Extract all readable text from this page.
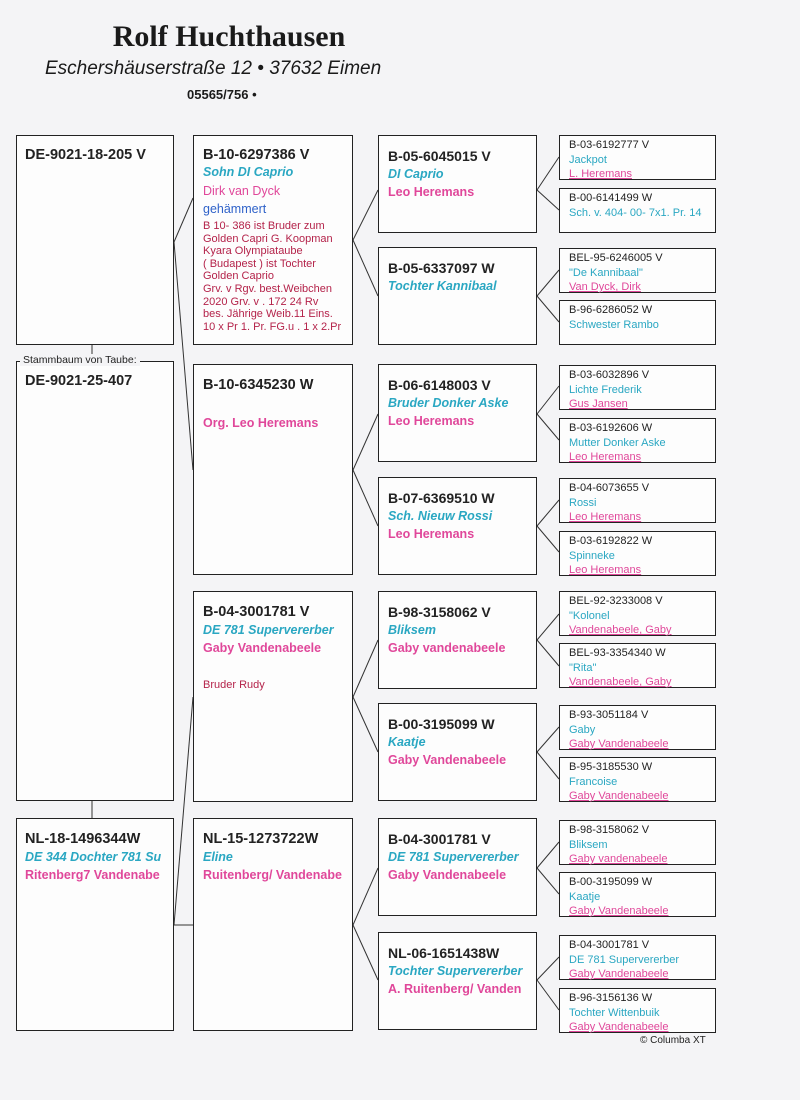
Rolf Huchthausen
Eschershäuserstraße 12 • 37632 Eimen
05565/756 •
DE-9021-18-205 V
DE-9021-25-407
Stammbaum von Taube:
NL-18-1496344W
DE 344 Dochter 781 Su
Ritenberg7 Vandenabe
B-10-6297386 V
Sohn DI Caprio
Dirk van Dyck
gehämmert
B 10- 386 ist Bruder zum
Golden Capri G. Koopman
Kyara Olympiataube
( Budapest ) ist Tochter
Golden Caprio
Grv. v Rgv. best.Weibchen
2020 Grv. v . 172 24 Rv
bes. Jährige Weib.11 Eins.
10 x Pr 1. Pr. FG.u . 1 x 2.Pr
B-10-6345230 W
Org. Leo Heremans
B-04-3001781 V
DE 781 Supervererber
Gaby Vandenabeele
Bruder Rudy
NL-15-1273722W
Eline
Ruitenberg/ Vandenabe
B-05-6045015 V
DI Caprio
Leo Heremans
B-05-6337097 W
Tochter Kannibaal
B-06-6148003 V
Bruder Donker Aske
Leo Heremans
B-07-6369510 W
Sch. Nieuw Rossi
Leo Heremans
B-98-3158062 V
Bliksem
Gaby vandenabeele
B-00-3195099 W
Kaatje
Gaby Vandenabeele
B-04-3001781 V
DE 781 Supervererber
Gaby Vandenabeele
NL-06-1651438W
Tochter Supervererber
A. Ruitenberg/ Vanden
B-03-6192777 V
Jackpot
L. Heremans
B-00-6141499 W
Sch. v. 404- 00- 7x1. Pr. 14
BEL-95-6246005 V
"De Kannibaal"
Van Dyck, Dirk
B-96-6286052 W
Schwester Rambo
B-03-6032896 V
Lichte Frederik
Gus Jansen
B-03-6192606 W
Mutter Donker Aske
Leo Heremans
B-04-6073655 V
Rossi
Leo Heremans
B-03-6192822 W
Spinneke
Leo Heremans
BEL-92-3233008 V
"Kolonel
Vandenabeele, Gaby
BEL-93-3354340 W
"Rita"
Vandenabeele, Gaby
B-93-3051184 V
Gaby
Gaby Vandenabeele
B-95-3185530 W
Francoise
Gaby Vandenabeele
B-98-3158062 V
Bliksem
Gaby vandenabeele
B-00-3195099 W
Kaatje
Gaby Vandenabeele
B-04-3001781 V
DE 781 Supervererber
Gaby Vandenabeele
B-96-3156136 W
Tochter Wittenbuik
Gaby Vandenabeele
© Columba XT
